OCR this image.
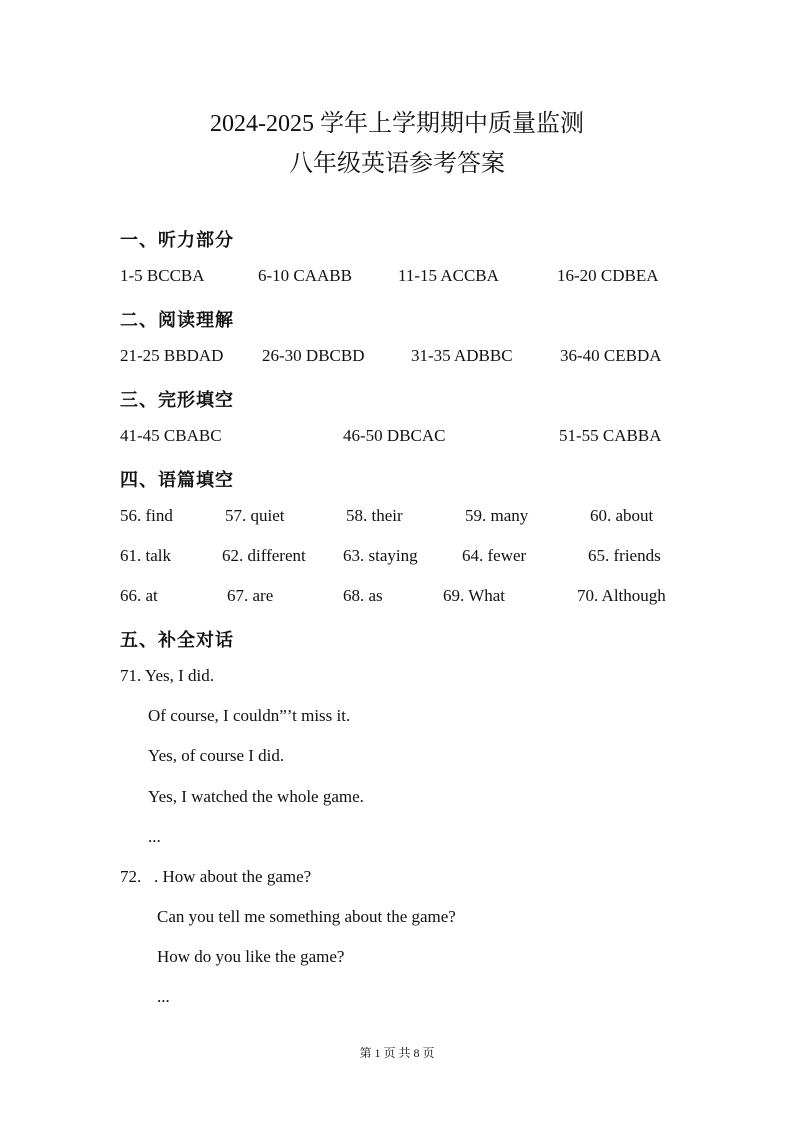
2024-2025 学年上学期期中质量监测
八年级英语参考答案
一、听力部分
1-5 BCCBA	6-10 CAABB	11-15 ACCBA	16-20 CDBEA
二、阅读理解
21-25 BBDAD 26-30 DBCBD	31-35 ADBBC	36-40 CEBDA
三、完形填空
41-45 CBABC	46-50 DBCAC	51-55 CABBA
四、语篇填空
56. find	57. quiet	58. their	59. many	60. about
61. talk	62. different 63. staying	64. fewer	65. friends
66. at	67. are	68. as	69. What	70. Although
五、补全对话
71. Yes, I did.
Of course, I couldn”’t miss it.
Yes, of course I did.
Yes, I watched the whole game.
...
72.   . How about the game?
Can you tell me something about the game?
How do you like the game?
...
第 1 页 共 8 页
